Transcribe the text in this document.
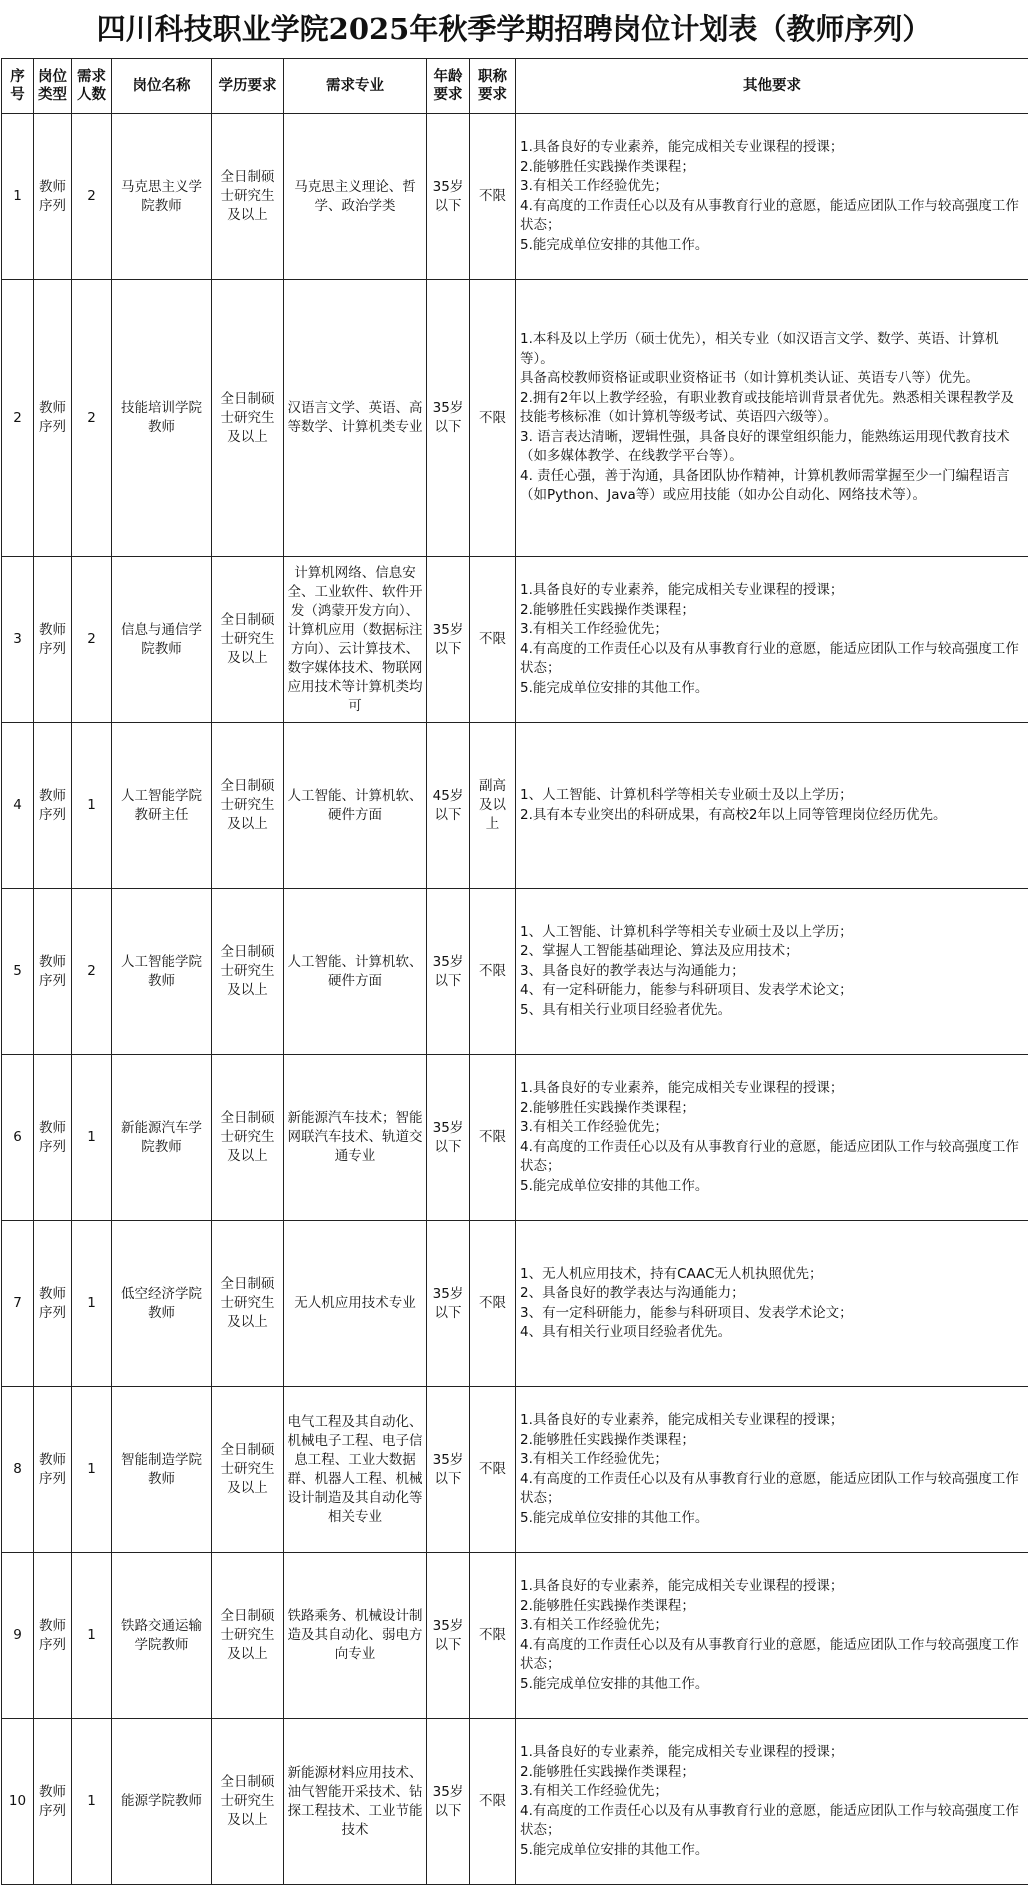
四川科技职业学院2025年秋季学期招聘岗位计划表（教师序列）
序号	岗位类型	需求人数	岗位名称	学历要求	需求专业	年龄要求	职称要求	其他要求

1	教师序列	2	马克思主义学院教师	全日制硕士研究生及以上	马克思主义理论、哲学、政治学类	35岁以下	不限	1.具备良好的专业素养，能完成相关专业课程的授课；
2.能够胜任实践操作类课程；
3.有相关工作经验优先；
4.有高度的工作责任心以及有从事教育行业的意愿，能适应团队工作与较高强度工作状态；
5.能完成单位安排的其他工作。

2	教师序列	2	技能培训学院教师	全日制硕士研究生及以上	汉语言文学、英语、高等数学、计算机类专业	35岁以下	不限	1.本科及以上学历（硕士优先），相关专业（如汉语言文学、数学、英语、计算机等）。
具备高校教师资格证或职业资格证书（如计算机类认证、英语专八等）优先。
2.拥有2年以上教学经验，有职业教育或技能培训背景者优先。熟悉相关课程教学及技能考核标准（如计算机等级考试、英语四六级等）。
3. 语言表达清晰，逻辑性强，具备良好的课堂组织能力，能熟练运用现代教育技术（如多媒体教学、在线教学平台等）。
4. 责任心强，善于沟通，具备团队协作精神，计算机教师需掌握至少一门编程语言（如Python、Java等）或应用技能（如办公自动化、网络技术等）。

3	教师序列	2	信息与通信学院教师	全日制硕士研究生及以上	计算机网络、信息安全、工业软件、软件开发（鸿蒙开发方向）、计算机应用（数据标注方向）、云计算技术、数字媒体技术、物联网应用技术等计算机类均可	35岁以下	不限	1.具备良好的专业素养，能完成相关专业课程的授课；
2.能够胜任实践操作类课程；
3.有相关工作经验优先；
4.有高度的工作责任心以及有从事教育行业的意愿，能适应团队工作与较高强度工作状态；
5.能完成单位安排的其他工作。

4	教师序列	1	人工智能学院教研主任	全日制硕士研究生及以上	人工智能、计算机软、硬件方面	45岁以下	副高及以上	1、人工智能、计算机科学等相关专业硕士及以上学历；
2.具有本专业突出的科研成果，有高校2年以上同等管理岗位经历优先。

5	教师序列	2	人工智能学院教师	全日制硕士研究生及以上	人工智能、计算机软、硬件方面	35岁以下	不限	1、人工智能、计算机科学等相关专业硕士及以上学历；
2、掌握人工智能基础理论、算法及应用技术；
3、具备良好的教学表达与沟通能力；
4、有一定科研能力，能参与科研项目、发表学术论文；
5、具有相关行业项目经验者优先。

6	教师序列	1	新能源汽车学院教师	全日制硕士研究生及以上	新能源汽车技术；智能网联汽车技术、轨道交通专业	35岁以下	不限	1.具备良好的专业素养，能完成相关专业课程的授课；
2.能够胜任实践操作类课程；
3.有相关工作经验优先；
4.有高度的工作责任心以及有从事教育行业的意愿，能适应团队工作与较高强度工作状态；
5.能完成单位安排的其他工作。

7	教师序列	1	低空经济学院教师	全日制硕士研究生及以上	无人机应用技术专业	35岁以下	不限	1、无人机应用技术，持有CAAC无人机执照优先；
2、具备良好的教学表达与沟通能力；
3、有一定科研能力，能参与科研项目、发表学术论文；
4、具有相关行业项目经验者优先。

8	教师序列	1	智能制造学院教师	全日制硕士研究生及以上	电气工程及其自动化、机械电子工程、电子信息工程、工业大数据群、机器人工程、机械设计制造及其自动化等相关专业	35岁以下	不限	1.具备良好的专业素养，能完成相关专业课程的授课；
2.能够胜任实践操作类课程；
3.有相关工作经验优先；
4.有高度的工作责任心以及有从事教育行业的意愿，能适应团队工作与较高强度工作状态；
5.能完成单位安排的其他工作。

9	教师序列	1	铁路交通运输学院教师	全日制硕士研究生及以上	铁路乘务、机械设计制造及其自动化、弱电方向专业	35岁以下	不限	1.具备良好的专业素养，能完成相关专业课程的授课；
2.能够胜任实践操作类课程；
3.有相关工作经验优先；
4.有高度的工作责任心以及有从事教育行业的意愿，能适应团队工作与较高强度工作状态；
5.能完成单位安排的其他工作。

10	教师序列	1	能源学院教师	全日制硕士研究生及以上	新能源材料应用技术、油气智能开采技术、钻探工程技术、工业节能技术	35岁以下	不限	1.具备良好的专业素养，能完成相关专业课程的授课；
2.能够胜任实践操作类课程；
3.有相关工作经验优先；
4.有高度的工作责任心以及有从事教育行业的意愿，能适应团队工作与较高强度工作状态；
5.能完成单位安排的其他工作。
